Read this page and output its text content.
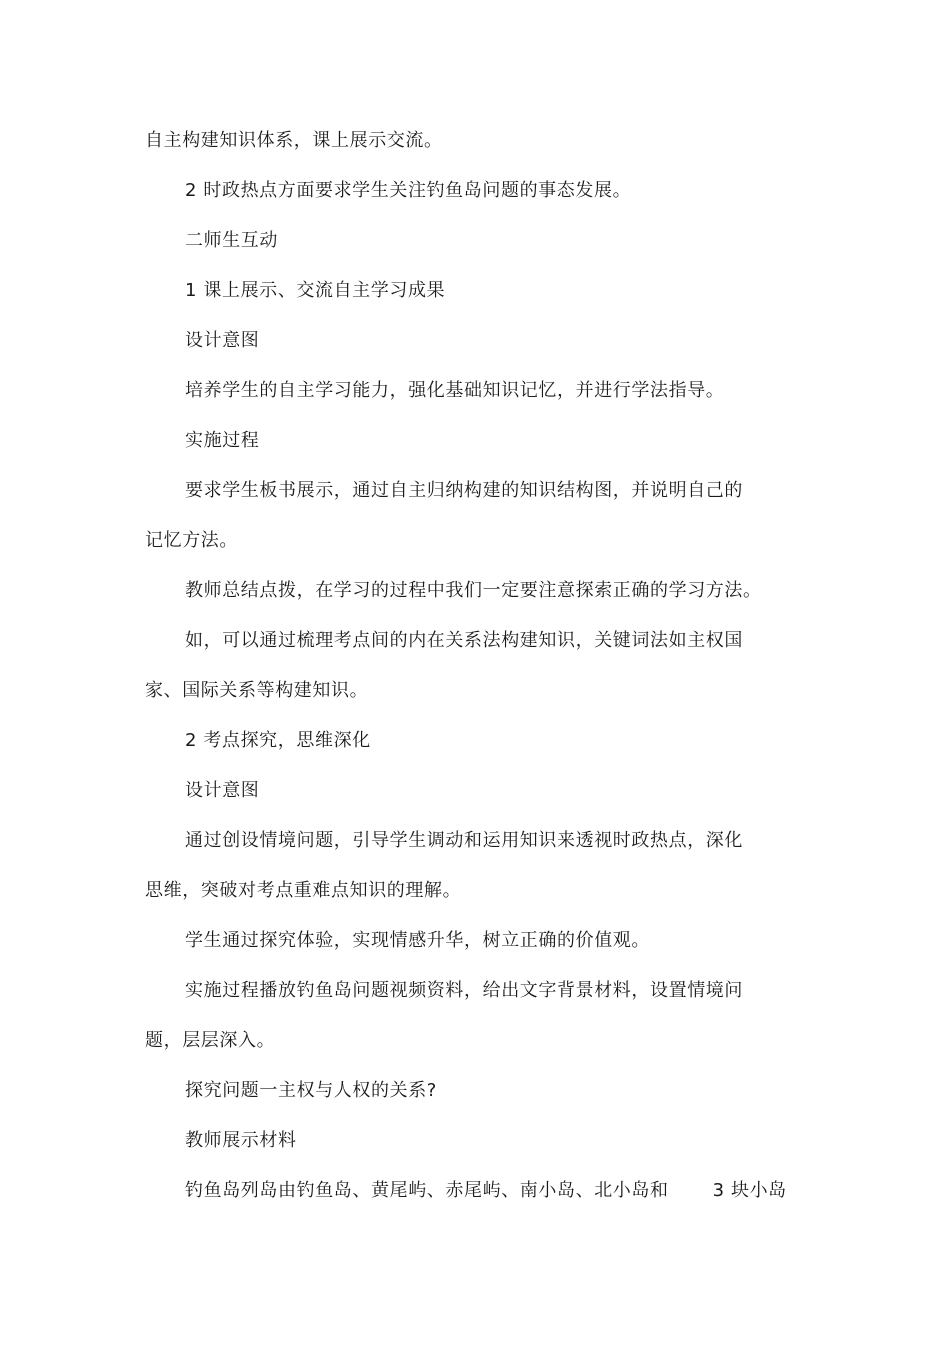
自主构建知识体系，课上展示交流。
2 时政热点方面要求学生关注钓鱼岛问题的事态发展。
二师生互动
1 课上展示、交流自主学习成果
设计意图
培养学生的自主学习能力，强化基础知识记忆，并进行学法指导。
实施过程
要求学生板书展示，通过自主归纳构建的知识结构图，并说明自己的
记忆方法。
教师总结点拨，在学习的过程中我们一定要注意探索正确的学习方法。
如，可以通过梳理考点间的内在关系法构建知识，关键词法如主权国
家、国际关系等构建知识。
2 考点探究，思维深化
设计意图
通过创设情境问题，引导学生调动和运用知识来透视时政热点，深化
思维，突破对考点重难点知识的理解。
学生通过探究体验，实现情感升华，树立正确的价值观。
实施过程播放钓鱼岛问题视频资料，给出文字背景材料，设置情境问
题，层层深入。
探究问题一主权与人权的关系?
教师展示材料
钓鱼岛列岛由钓鱼岛、黄尾屿、赤尾屿、南小岛、北小岛和 3 块小岛
